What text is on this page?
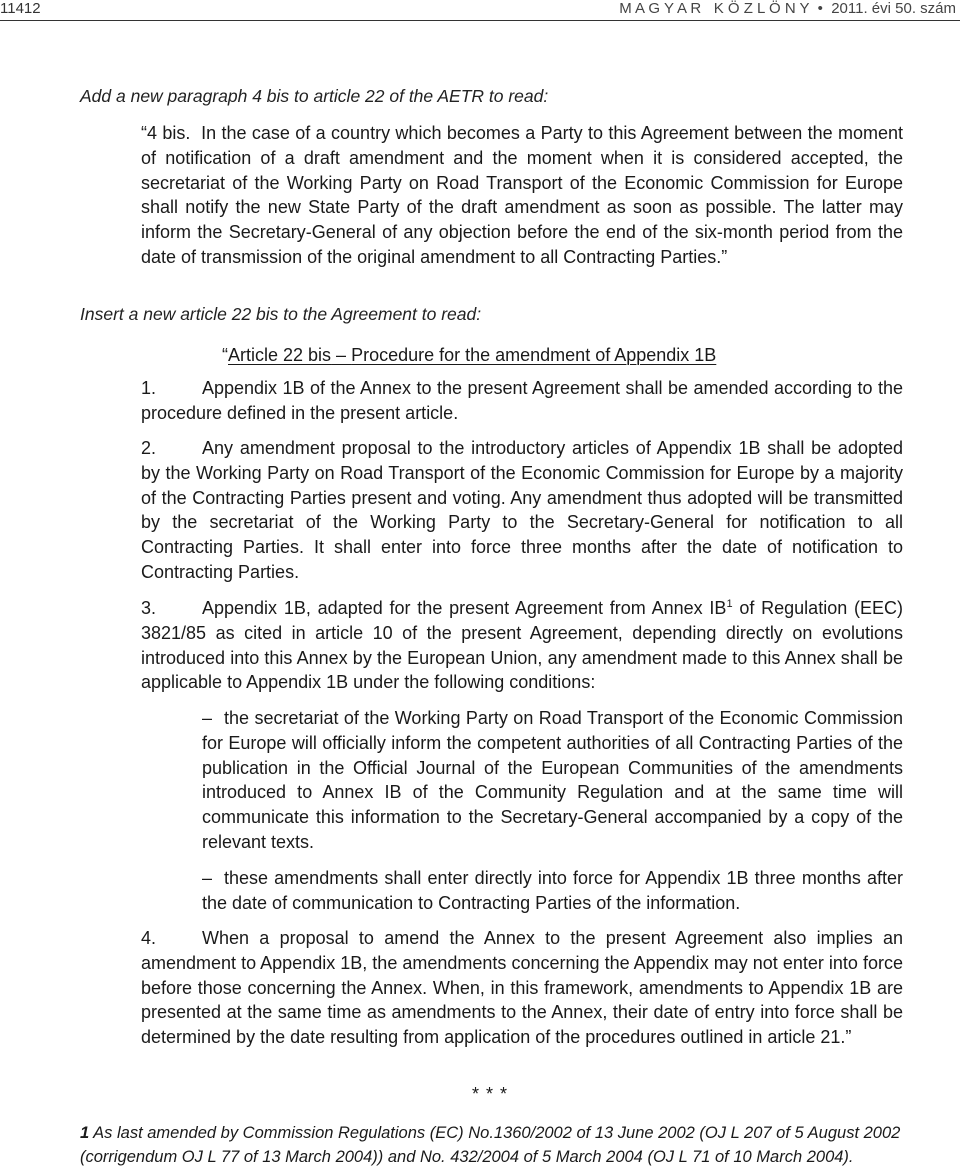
11412	M A G Y A R   K Ö Z L Ö N Y  •  2011. évi 50. szám
Add a new paragraph 4 bis to article 22 of the AETR to read:
“4 bis. In the case of a country which becomes a Party to this Agreement between the moment of notification of a draft amendment and the moment when it is considered accepted, the secretariat of the Working Party on Road Transport of the Economic Commission for Europe shall notify the new State Party of the draft amendment as soon as possible. The latter may inform the Secretary-General of any objection before the end of the six-month period from the date of transmission of the original amendment to all Contracting Parties.”
Insert a new article 22 bis to the Agreement to read:
“Article 22 bis – Procedure for the amendment of Appendix 1B
1.	Appendix 1B of the Annex to the present Agreement shall be amended according to the procedure defined in the present article.
2.	Any amendment proposal to the introductory articles of Appendix 1B shall be adopted by the Working Party on Road Transport of the Economic Commission for Europe by a majority of the Contracting Parties present and voting. Any amendment thus adopted will be transmitted by the secretariat of the Working Party to the Secretary-General for notification to all Contracting Parties. It shall enter into force three months after the date of notification to Contracting Parties.
3.	Appendix 1B, adapted for the present Agreement from Annex $IB^1$ of Regulation (EEC) 3821/85 as cited in article 10 of the present Agreement, depending directly on evolutions introduced into this Annex by the European Union, any amendment made to this Annex shall be applicable to Appendix 1B under the following conditions:
– the secretariat of the Working Party on Road Transport of the Economic Commission for Europe will officially inform the competent authorities of all Contracting Parties of the publication in the Official Journal of the European Communities of the amendments introduced to Annex IB of the Community Regulation and at the same time will communicate this information to the Secretary-General accompanied by a copy of the relevant texts.
– these amendments shall enter directly into force for Appendix 1B three months after the date of communication to Contracting Parties of the information.
4.	When a proposal to amend the Annex to the present Agreement also implies an amendment to Appendix 1B, the amendments concerning the Appendix may not enter into force before those concerning the Annex. When, in this framework, amendments to Appendix 1B are presented at the same time as amendments to the Annex, their date of entry into force shall be determined by the date resulting from application of the procedures outlined in article 21.”
* * *
1 As last amended by Commission Regulations (EC) No.1360/2002 of 13 June 2002 (OJ L 207 of 5 August 2002 (corrigendum OJ L 77 of 13 March 2004)) and No. 432/2004 of 5 March 2004 (OJ L 71 of 10 March 2004).
